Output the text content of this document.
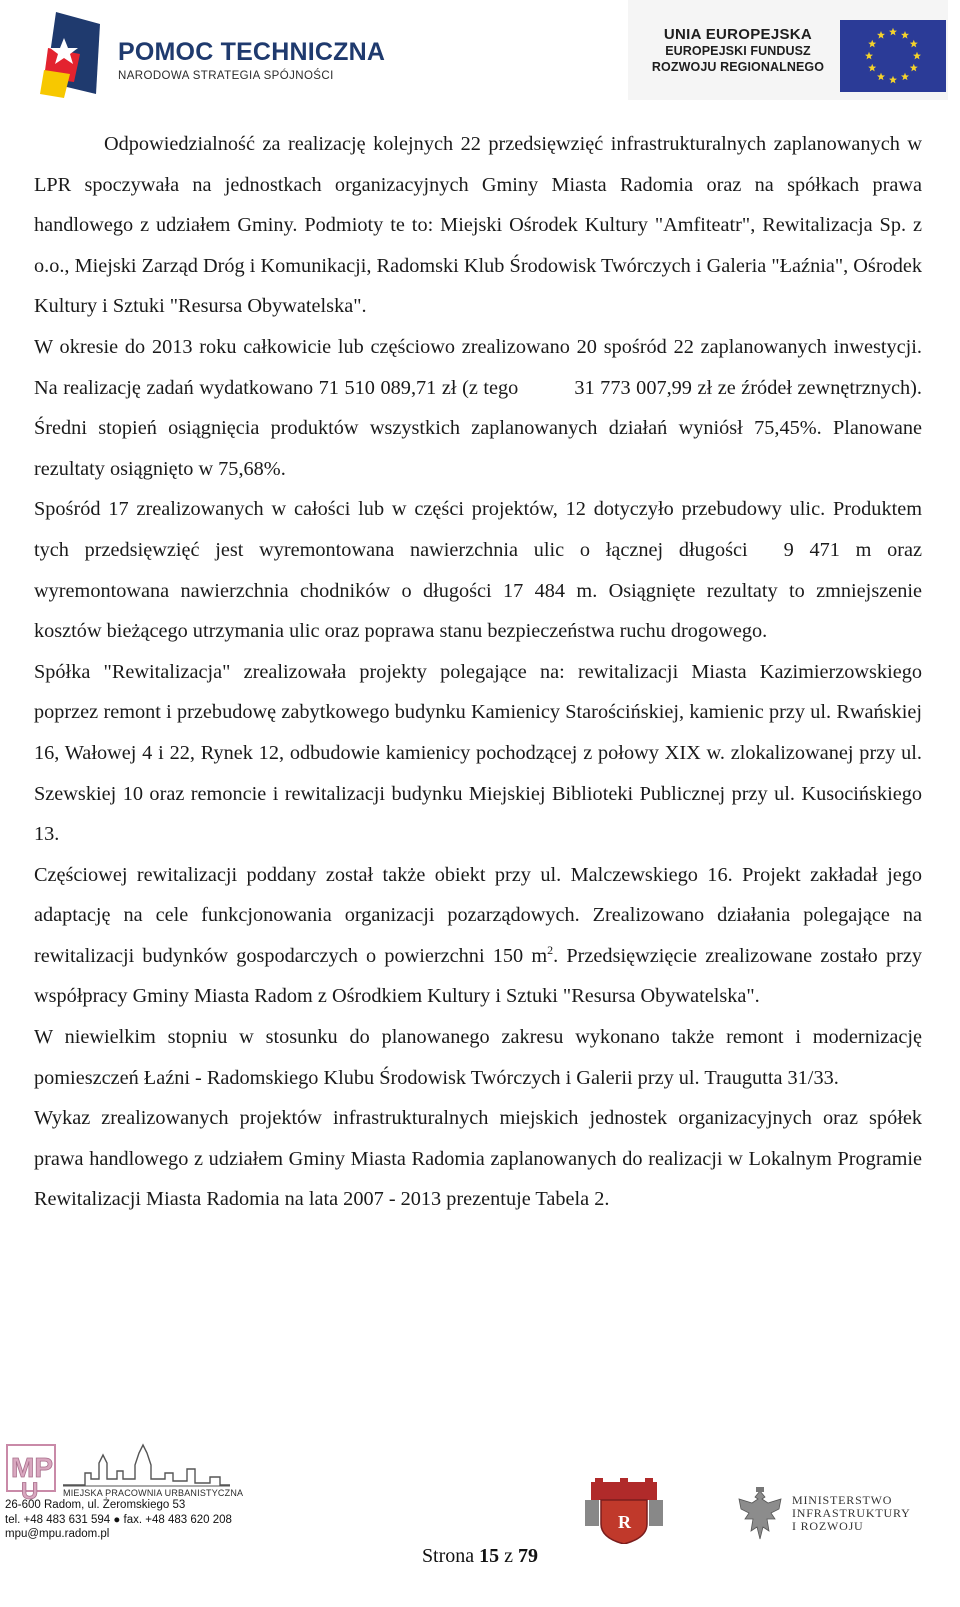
POMOC TECHNICZNA
NARODOWA STRATEGIA SPÓJNOŚCI
UNIA EUROPEJSKA
EUROPEJSKI FUNDUSZ
ROZWOJU REGIONALNEGO

Odpowiedzialność za realizację kolejnych 22 przedsięwzięć infrastrukturalnych zaplanowanych w LPR spoczywała na jednostkach organizacyjnych Gminy Miasta Radomia oraz na spółkach prawa handlowego z udziałem Gminy. Podmioty te to: Miejski Ośrodek Kultury "Amfiteatr", Rewitalizacja Sp. z o.o., Miejski Zarząd Dróg i Komunikacji, Radomski Klub Środowisk Twórczych i Galeria "Łaźnia", Ośrodek Kultury i Sztuki "Resursa Obywatelska".

W okresie do 2013 roku całkowicie lub częściowo zrealizowano 20 spośród 22 zaplanowanych inwestycji. Na realizację zadań wydatkowano 71 510 089,71 zł (z tego	31 773 007,99 zł ze źródeł zewnętrznych). Średni stopień osiągnięcia produktów wszystkich zaplanowanych działań wyniósł 75,45%. Planowane rezultaty osiągnięto w 75,68%.

Spośród 17 zrealizowanych w całości lub w części projektów, 12 dotyczyło przebudowy ulic. Produktem tych przedsięwzięć jest wyremontowana nawierzchnia ulic o łącznej długości 9 471 m oraz wyremontowana nawierzchnia chodników o długości 17 484 m. Osiągnięte rezultaty to zmniejszenie kosztów bieżącego utrzymania ulic oraz poprawa stanu bezpieczeństwa ruchu drogowego.

Spółka "Rewitalizacja" zrealizowała projekty polegające na: rewitalizacji Miasta Kazimierzowskiego poprzez remont i przebudowę zabytkowego budynku Kamienicy Starościńskiej, kamienic przy ul. Rwańskiej 16, Wałowej 4 i 22, Rynek 12, odbudowie kamienicy pochodzącej z połowy XIX w. zlokalizowanej przy ul. Szewskiej 10 oraz remoncie i rewitalizacji budynku Miejskiej Biblioteki Publicznej przy ul. Kusocińskiego 13.

Częściowej rewitalizacji poddany został także obiekt przy ul. Malczewskiego 16. Projekt zakładał jego adaptację na cele funkcjonowania organizacji pozarządowych. Zrealizowano działania polegające na rewitalizacji budynków gospodarczych o powierzchni 150 $m^2$. Przedsięwzięcie zrealizowane zostało przy współpracy Gminy Miasta Radom z Ośrodkiem Kultury i Sztuki "Resursa Obywatelska".

W niewielkim stopniu w stosunku do planowanego zakresu wykonano także remont i modernizację pomieszczeń Łaźni - Radomskiego Klubu Środowisk Twórczych i Galerii przy ul. Traugutta 31/33.

Wykaz zrealizowanych projektów infrastrukturalnych miejskich jednostek organizacyjnych oraz spółek prawa handlowego z udziałem Gminy Miasta Radomia zaplanowanych do realizacji w Lokalnym Programie Rewitalizacji Miasta Radomia na lata 2007 - 2013 prezentuje Tabela 2.

MP
U	MIEJSKA PRACOWNIA URBANISTYCZNA
26-600 Radom, ul. Żeromskiego 53
tel. +48 483 631 594 ● fax. +48 483 620 208
mpu@mpu.radom.pl
Strona 15 z 79
R
MINISTERSTWO
INFRASTRUKTURY
I ROZWOJU
